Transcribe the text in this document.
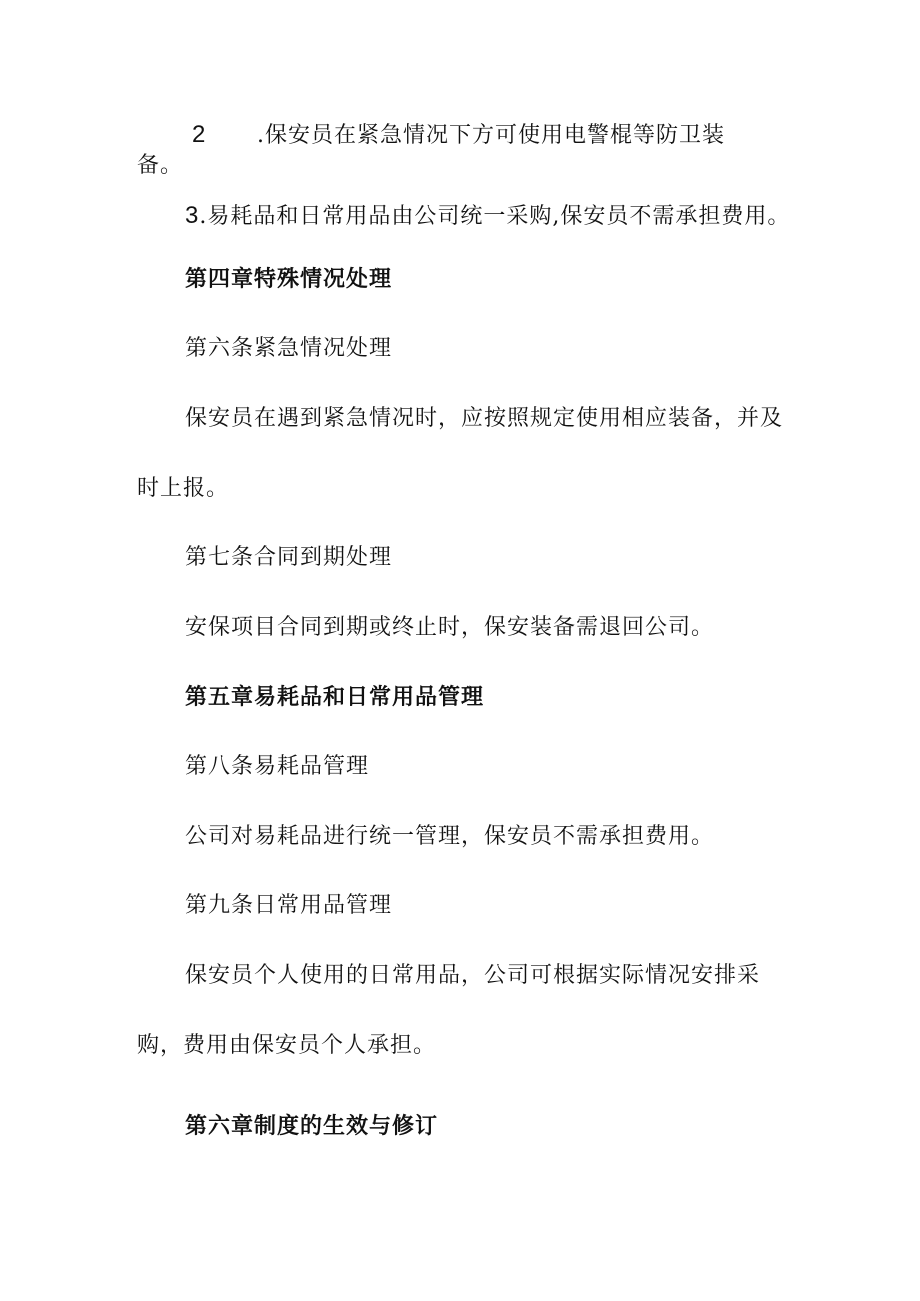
2 .保安员在紧急情况下方可使用电警棍等防卫装
备。
3.易耗品和日常用品由公司统一采购,保安员不需承担费用。
第四章特殊情况处理
第六条紧急情况处理
保安员在遇到紧急情况时，应按照规定使用相应装备，并及
时上报。
第七条合同到期处理
安保项目合同到期或终止时，保安装备需退回公司。
第五章易耗品和日常用品管理
第八条易耗品管理
公司对易耗品进行统一管理，保安员不需承担费用。
第九条日常用品管理
保安员个人使用的日常用品，公司可根据实际情况安排采
购，费用由保安员个人承担。
第六章制度的生效与修订
